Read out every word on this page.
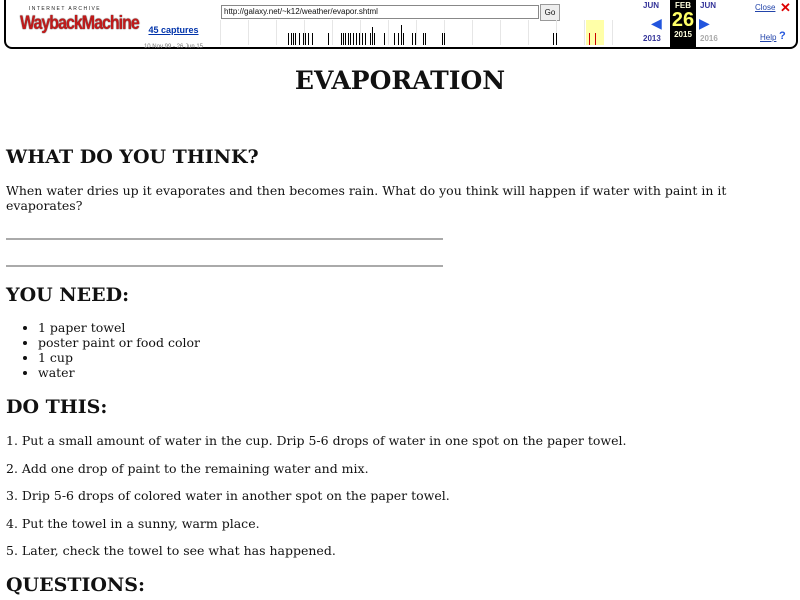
INTERNET ARCHIVE
WaybackMachine	45 captures
10 Nov 99 - 26 Jun 15
http://galaxy.net/~k12/weather/evapor.shtml	Go
JUN
◀
2013
FEB
26
2015
JUN
▶
2016
Close ✕
Help ?
EVAPORATION
WHAT DO YOU THINK?

When water dries up it evaporates and then becomes rain. What do you think will happen if water with paint in it evaporates?

YOU NEED:
• 1 paper towel
• poster paint or food color
• 1 cup
• water
DO THIS:

1. Put a small amount of water in the cup. Drip 5-6 drops of water in one spot on the paper towel.

2. Add one drop of paint to the remaining water and mix.

3. Drip 5-6 drops of colored water in another spot on the paper towel.

4. Put the towel in a sunny, warm place.

5. Later, check the towel to see what has happened.

QUESTIONS:
